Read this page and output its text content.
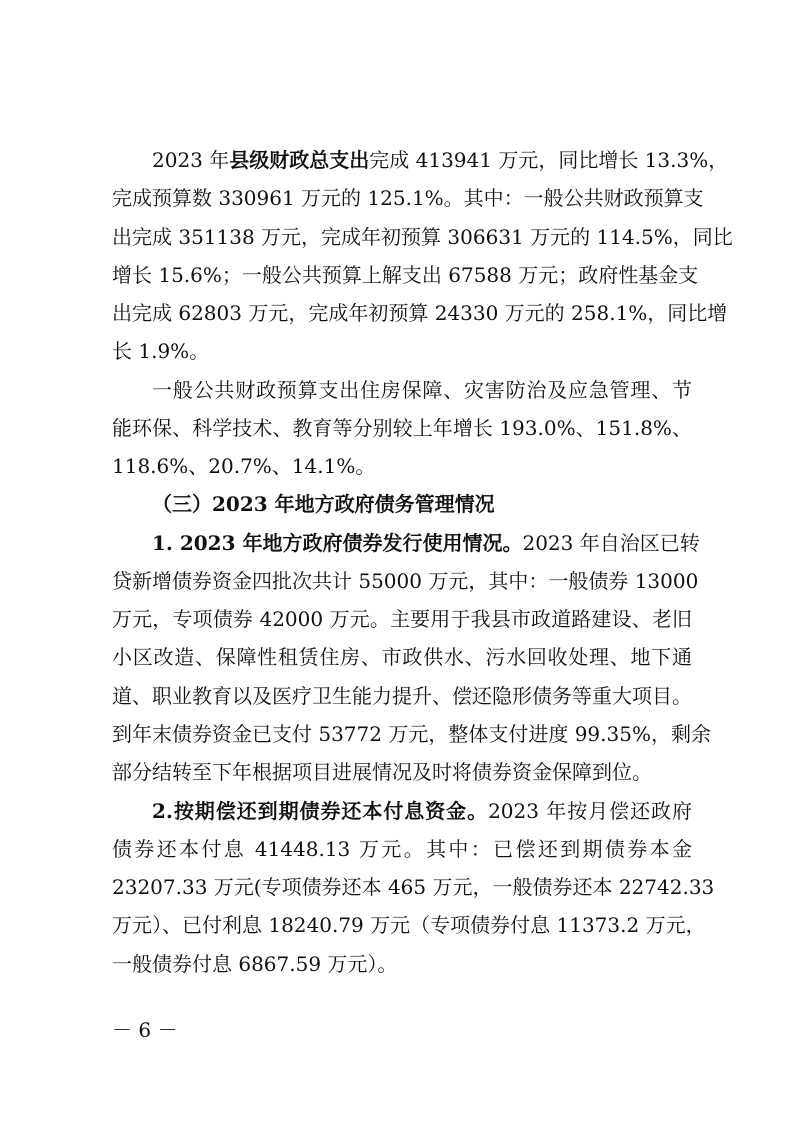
2023 年县级财政总支出完成 413941 万元，同比增长 13.3%，
完成预算数 330961 万元的 125.1%。其中：一般公共财政预算支
出完成 351138 万元，完成年初预算 306631 万元的 114.5%，同比
增长 15.6%；一般公共预算上解支出 67588 万元；政府性基金支
出完成 62803 万元，完成年初预算 24330 万元的 258.1%，同比增
长 1.9%。
一般公共财政预算支出住房保障、灾害防治及应急管理、节
能环保、科学技术、教育等分别较上年增长 193.0%、151.8%、
118.6%、20.7%、14.1%。
（三）2023 年地方政府债务管理情况
1. 2023 年地方政府债券发行使用情况。2023 年自治区已转
贷新增债券资金四批次共计 55000 万元，其中：一般债券 13000
万元，专项债券 42000 万元。主要用于我县市政道路建设、老旧
小区改造、保障性租赁住房、市政供水、污水回收处理、地下通
道、职业教育以及医疗卫生能力提升、偿还隐形债务等重大项目。
到年末债券资金已支付 53772 万元，整体支付进度 99.35%，剩余
部分结转至下年根据项目进展情况及时将债券资金保障到位。
2.按期偿还到期债券还本付息资金。2023 年按月偿还政府
债券还本付息 41448.13 万元。其中：已偿还到期债券本金
23207.33 万元(专项债券还本 465 万元，一般债券还本 22742.33
万元）、已付利息 18240.79 万元（专项债券付息 11373.2 万元，
一般债券付息 6867.59 万元）。
－ 6 －
